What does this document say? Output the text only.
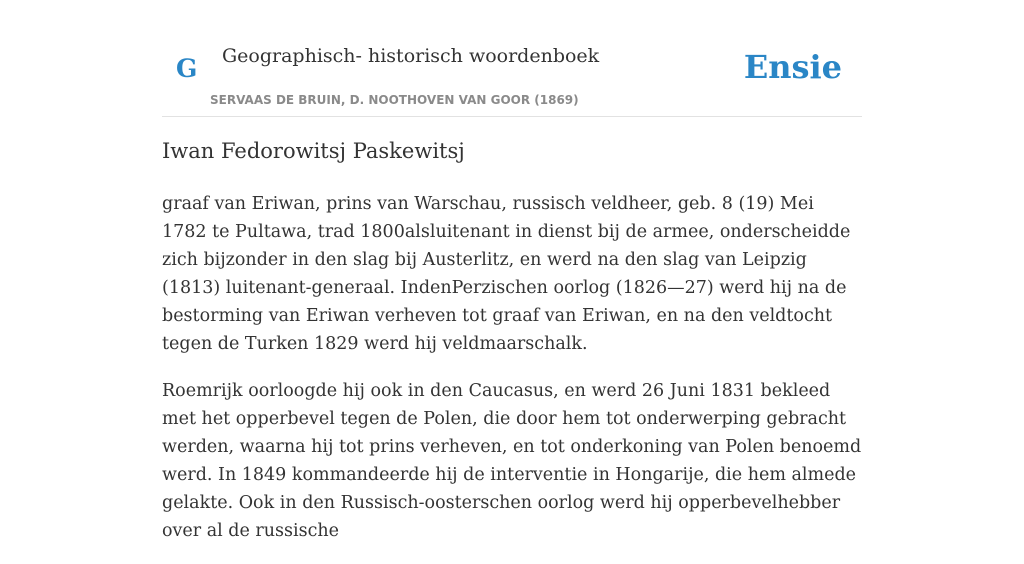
G Geographisch- historisch woordenboek
SERVAAS DE BRUIN, D. NOOTHOVEN VAN GOOR (1869)
Ensie
Iwan Fedorowitsj Paskewitsj

graaf van Eriwan, prins van Warschau, russisch veldheer, geb. 8 (19) Mei 1782 te Pultawa, trad 1800alsluitenant in dienst bij de armee, onderscheidde zich bijzonder in den slag bij Austerlitz, en werd na den slag van Leipzig (1813) luitenant-generaal. IndenPerzischen oorlog (1826—27) werd hij na de bestorming van Eriwan verheven tot graaf van Eriwan, en na den veldtocht tegen de Turken 1829 werd hij veldmaarschalk.

Roemrijk oorloogde hij ook in den Caucasus, en werd 26 Juni 1831 bekleed met het opperbevel tegen de Polen, die door hem tot onderwerping gebracht werden, waarna hij tot prins verheven, en tot onderkoning van Polen benoemd werd. In 1849 kommandeerde hij de interventie in Hongarije, die hem almede gelakte. Ook in den Russisch-oosterschen oorlog werd hij opperbevelhebber over al de russische
